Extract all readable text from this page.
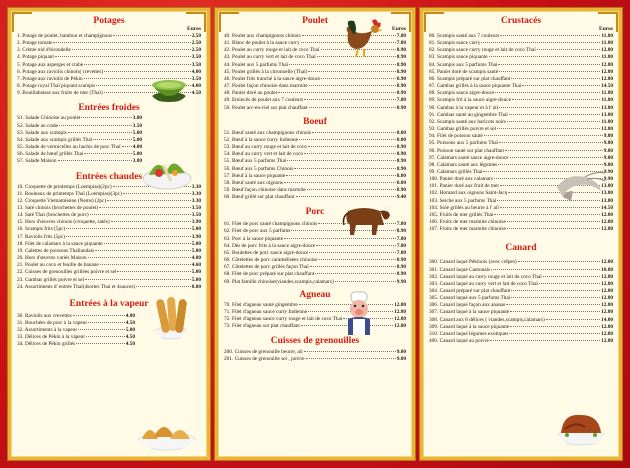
Potages
Euros
1. Potage de poulet, bambou et champignons	2.50
2. Potage tomate	2.50
3. Crème nid d'hirondelle	2.50
4. Potage piquant	3.50
5. Potage aux asperges et crabe	3.50
6. Potage aux raviolis chinois( crevettes)	4.00
7. Potage aux raviolis de Pékin	3.50
8. Potage royal Thaï piquant scampis	4.00
9. Bouillabaisse aux fruits de mer (Thaï)	4.50
Entrées froides
S1. Salade Chinoise au poulet	3.80
S2. Salade au crabe	3.50
S3. Salade aux scampis	5.00
S4. Salade aux scampis grillés Thaï	5.00
S5. Salade de vermicelles au hachis de porc Thaï 4.00
S6. Salade de bœuf grillés Thaï	5.00
S7. Salade Maison	3.80
Entrées chaudes
10. Croquette de printemps (Loempias)(2pc)	3.30
11. Rouleaux de printemps Thaï (Loempias)(3pc)	3.30
12. Croquette Vietnamienne (Nems) (2pc)	3.30
13. Saté chinois (brochettes de poulet)	3.50
14. Saté Thaï (brochettes de porc)	3.50
15. Hors d'œuvres chinois (croquette, satés)	3.90
16. Scampis frits (5pc)	5.00
17. Raviolis frits (5pc)	3.90
18. Filet de calamars à la sauce piquante	5.00
19. Galettes de poissons Thaïlandais	5.00
20. Hors d'œuvres variés Maison	4.80
21. Poulet au coco et feuille de banane	4.60
22. Cuisses de grenouilles grillées poivre et sel	5.00
23. Gambas grillés poivre et sel	5.00
24. Assortiments d' entrée Thaï(4sortes Thaï et 4sauces)	8.00
Entrées à la vapeur
30. Raviolis aux crevettes	4.80
31. Bouchées de porc à la vapeur	4.50
32. Assortiments à la vapeur	5.00
33. Délices de Pékin à la vapeur	4.50
34. Délices de Pékin grillés	4.50
Poulet
Euros
40. Poulet aux champignons chinois	7.80
41. Blanc de poulet à la sauce curry	7.80
42. Poulet au curry rouge et lait de coco Thaï	8.90
43. Poulet au curry vert et lait de coco Thaï	8.90
44. Poulet aux 5 parfums Thaï	8.90
45. Poulet grillés à la citronnelle (Thaï)	8.90
46. Poulet frits tranché à la sauce aigre-douce	8.90
47. Poulet façon chinoise dans marmite	8.90
48. Panier doré au poulet	8.90
49. Emincés de poulet aux 7 couleurs	7.80
50. Poulet arc-en-ciel sur plat chauffant	8.90
Boeuf
51. Bœuf sauté aux champignons chinois	8.00
52. Bœuf à la sauce curry Indienne	8.00
53. Bœuf au curry rouge et lait de coco	8.90
54. Bœuf au curry vert et lait de coco	8.90
55. Bœuf aux 5 parfums Thaï	8.90
56. Bœuf aux 5 parfums Chinois	8.90
57. Bœuf à la sauce piquante	8.00
58. Bœuf sauté aux oignons	8.00
59. Bœuf façon chinoise dans marmite	8.90
60. Bœuf grillé sur plat chauffant	9.40
Porc
61. Filet de porc sauté champignons chinois	7.80
62. Filet de porc aux 5 parfums	8.90
63. Porc à la sauce piquante	7.80
64. Dés de porc frits à la sauce aigre-douce	7.80
65. Boulettes de porc sauce aigre-douce	7.80
66. Côtelettes de porc caramélisées chinoise	8.90
67. Côtelettes de porc grillés façon Thaï	8.90
68. Filet de porc préparé sur plat chauffant	8.90
69. Plat famille chinoise(viandes,scampis,calamars)	9.90
Agneau
70. Filet d'agneau sauté gingembre	12.80
71. Filet d'agneau sauce curry Indienne	12.80
72. Filet d'agneau sauce curry rouge et lait de coco Thaï	12.80
73. Filet d'agneau sur plat chauffant	12.80
Cuisses de grenouilles
200. Cuisses de grenouille beurre, ail	9.00
201. Cuisses de grenouille sel , poivre	9.00
Crustacés
Euros
80. Scampis sauté aux 7 couleurs	11.80
81. Scampis sauce curry	11.80
82. Scampis sauce curry rouge et lait de coco Thaï	12.80
83. Scampis sauce piquante	11.80
84. Scampis aux 5 parfums Thaï	12.80
85. Panier doré de scampis sauté	12.80
86. Scampis préparé sur plat chauffant	12.80
87. Gambas grillés à la sauce piquante Thaï	14.50
88. Scampis sauce aigre-douce	11.80
89. Scampis frit à la sauce aigre-douce	11.80
90. Gambas à la vapeur et à l' ail	13.80
91. Gambas sauté au gingembre Thaï	13.80
92. Scampis sauté aux haricots noirs	11.80
93. Gambas grillés poivre et sel	13.80
94. Filet de poisson sauté	9.80
95. Poissons aux 5 parfums Thaï	9.80
96. Poisson sauté sur plat chauffant	9.80
97. Calamars sauté sauce aigre-douce	9.00
98. Calamars sauté aux légumes	9.00
99. Calamars grillés Thaï	9.90
100. Panier doré aux calamars	9.90
101. Panier doré aux fruit de mer	13.80
102. Homard aux oignons Saint-Jacq	13.80
103. Seiche aux 5 parfums Thaï	13.80
104. Sole grillés au beurre à l' ail	14.50
105. Fruits de mer grillés Thaï	12.80
106. Fruits de mer marmite chinoise	12.80
107. Fruits de mer marmite chinoise	12.80
Canard
300. Canard laqué Pékinois (avec crêpes)	12.00
301. Canard laqué Cantonais	10.80
302. Canard laqué au curry rouge et lait de coco Thaï	12.80
303. Canard laqué au curry vert et lait de coco Thaï	12.80
304. Canard préparé sur plat chauffant	12.80
305. Canard laqué aux 5 parfums Thaï	12.80
306. Canard laqué façon aux ananas	12.80
307. Canard laqué à la sauce piquante	12.80
308. Canard aux 8 délices ( viandes,scampis,calamars)	14.00
309. Canard laqué à la sauce piquante	12.80
310. Canard laqué légumes exotiques	12.80
400. Canard laqué au poivre	12.80
